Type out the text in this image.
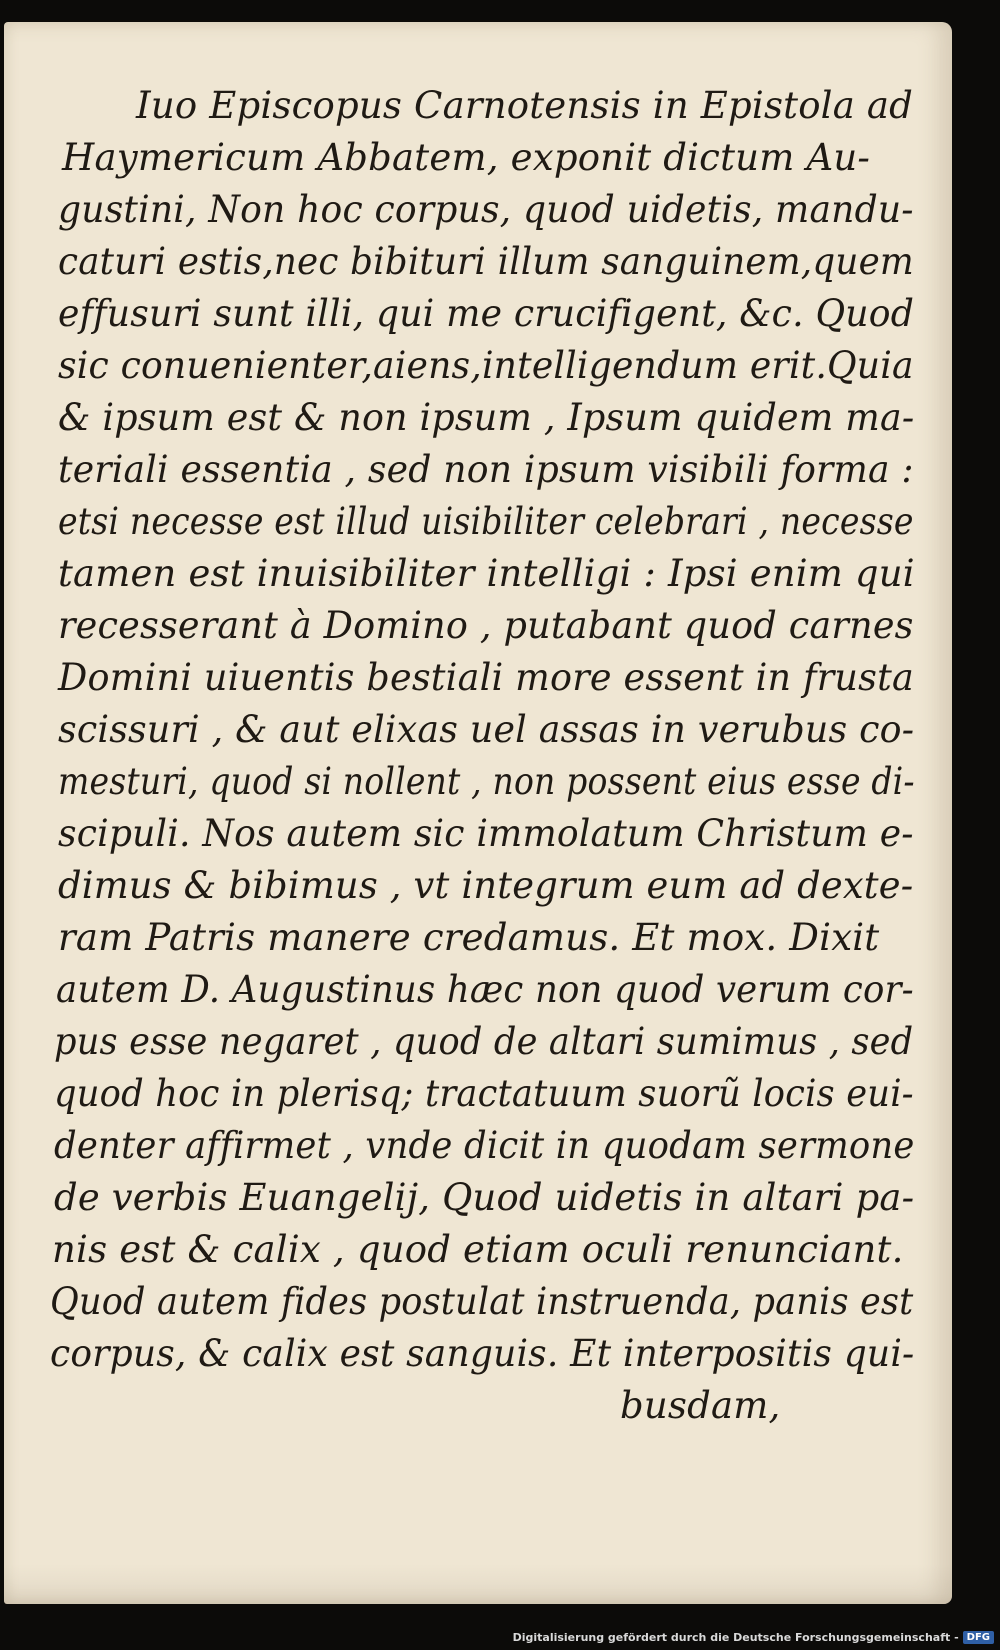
Iuo Episcopus Carnotensis in Epistola ad
Haymericum Abbatem, exponit dictum Au-
gustini, Non hoc corpus, quod uidetis, mandu-
caturi estis,nec bibituri illum sanguinem,quem
effusuri sunt illi, qui me crucifigent, &c. Quod
sic conuenienter,aiens,intelligendum erit.Quia
& ipsum est & non ipsum , Ipsum quidem ma-
teriali essentia , sed non ipsum visibili forma :
etsi necesse est illud uisibiliter celebrari , necesse
tamen est inuisibiliter intelligi : Ipsi enim qui
recesserant à Domino , putabant quod carnes
Domini uiuentis bestiali more essent in frusta
scissuri , & aut elixas uel assas in verubus co-
mesturi, quod si nollent , non possent eius esse di-
scipuli. Nos autem sic immolatum Christum e-
dimus & bibimus , vt integrum eum ad dexte-
ram Patris manere credamus. Et mox. Dixit
autem D. Augustinus hæc non quod verum cor-
pus esse negaret , quod de altari sumimus , sed
quod hoc in plerisq; tractatuum suorũ locis eui-
denter affirmet , vnde dicit in quodam sermone
de verbis Euangelij, Quod uidetis in altari pa-
nis est & calix , quod etiam oculi renunciant.
Quod autem fides postulat instruenda, panis est
corpus, & calix est sanguis. Et interpositis qui-
busdam,
Digitalisierung gefördert durch die Deutsche Forschungsgemeinschaft - DFG
